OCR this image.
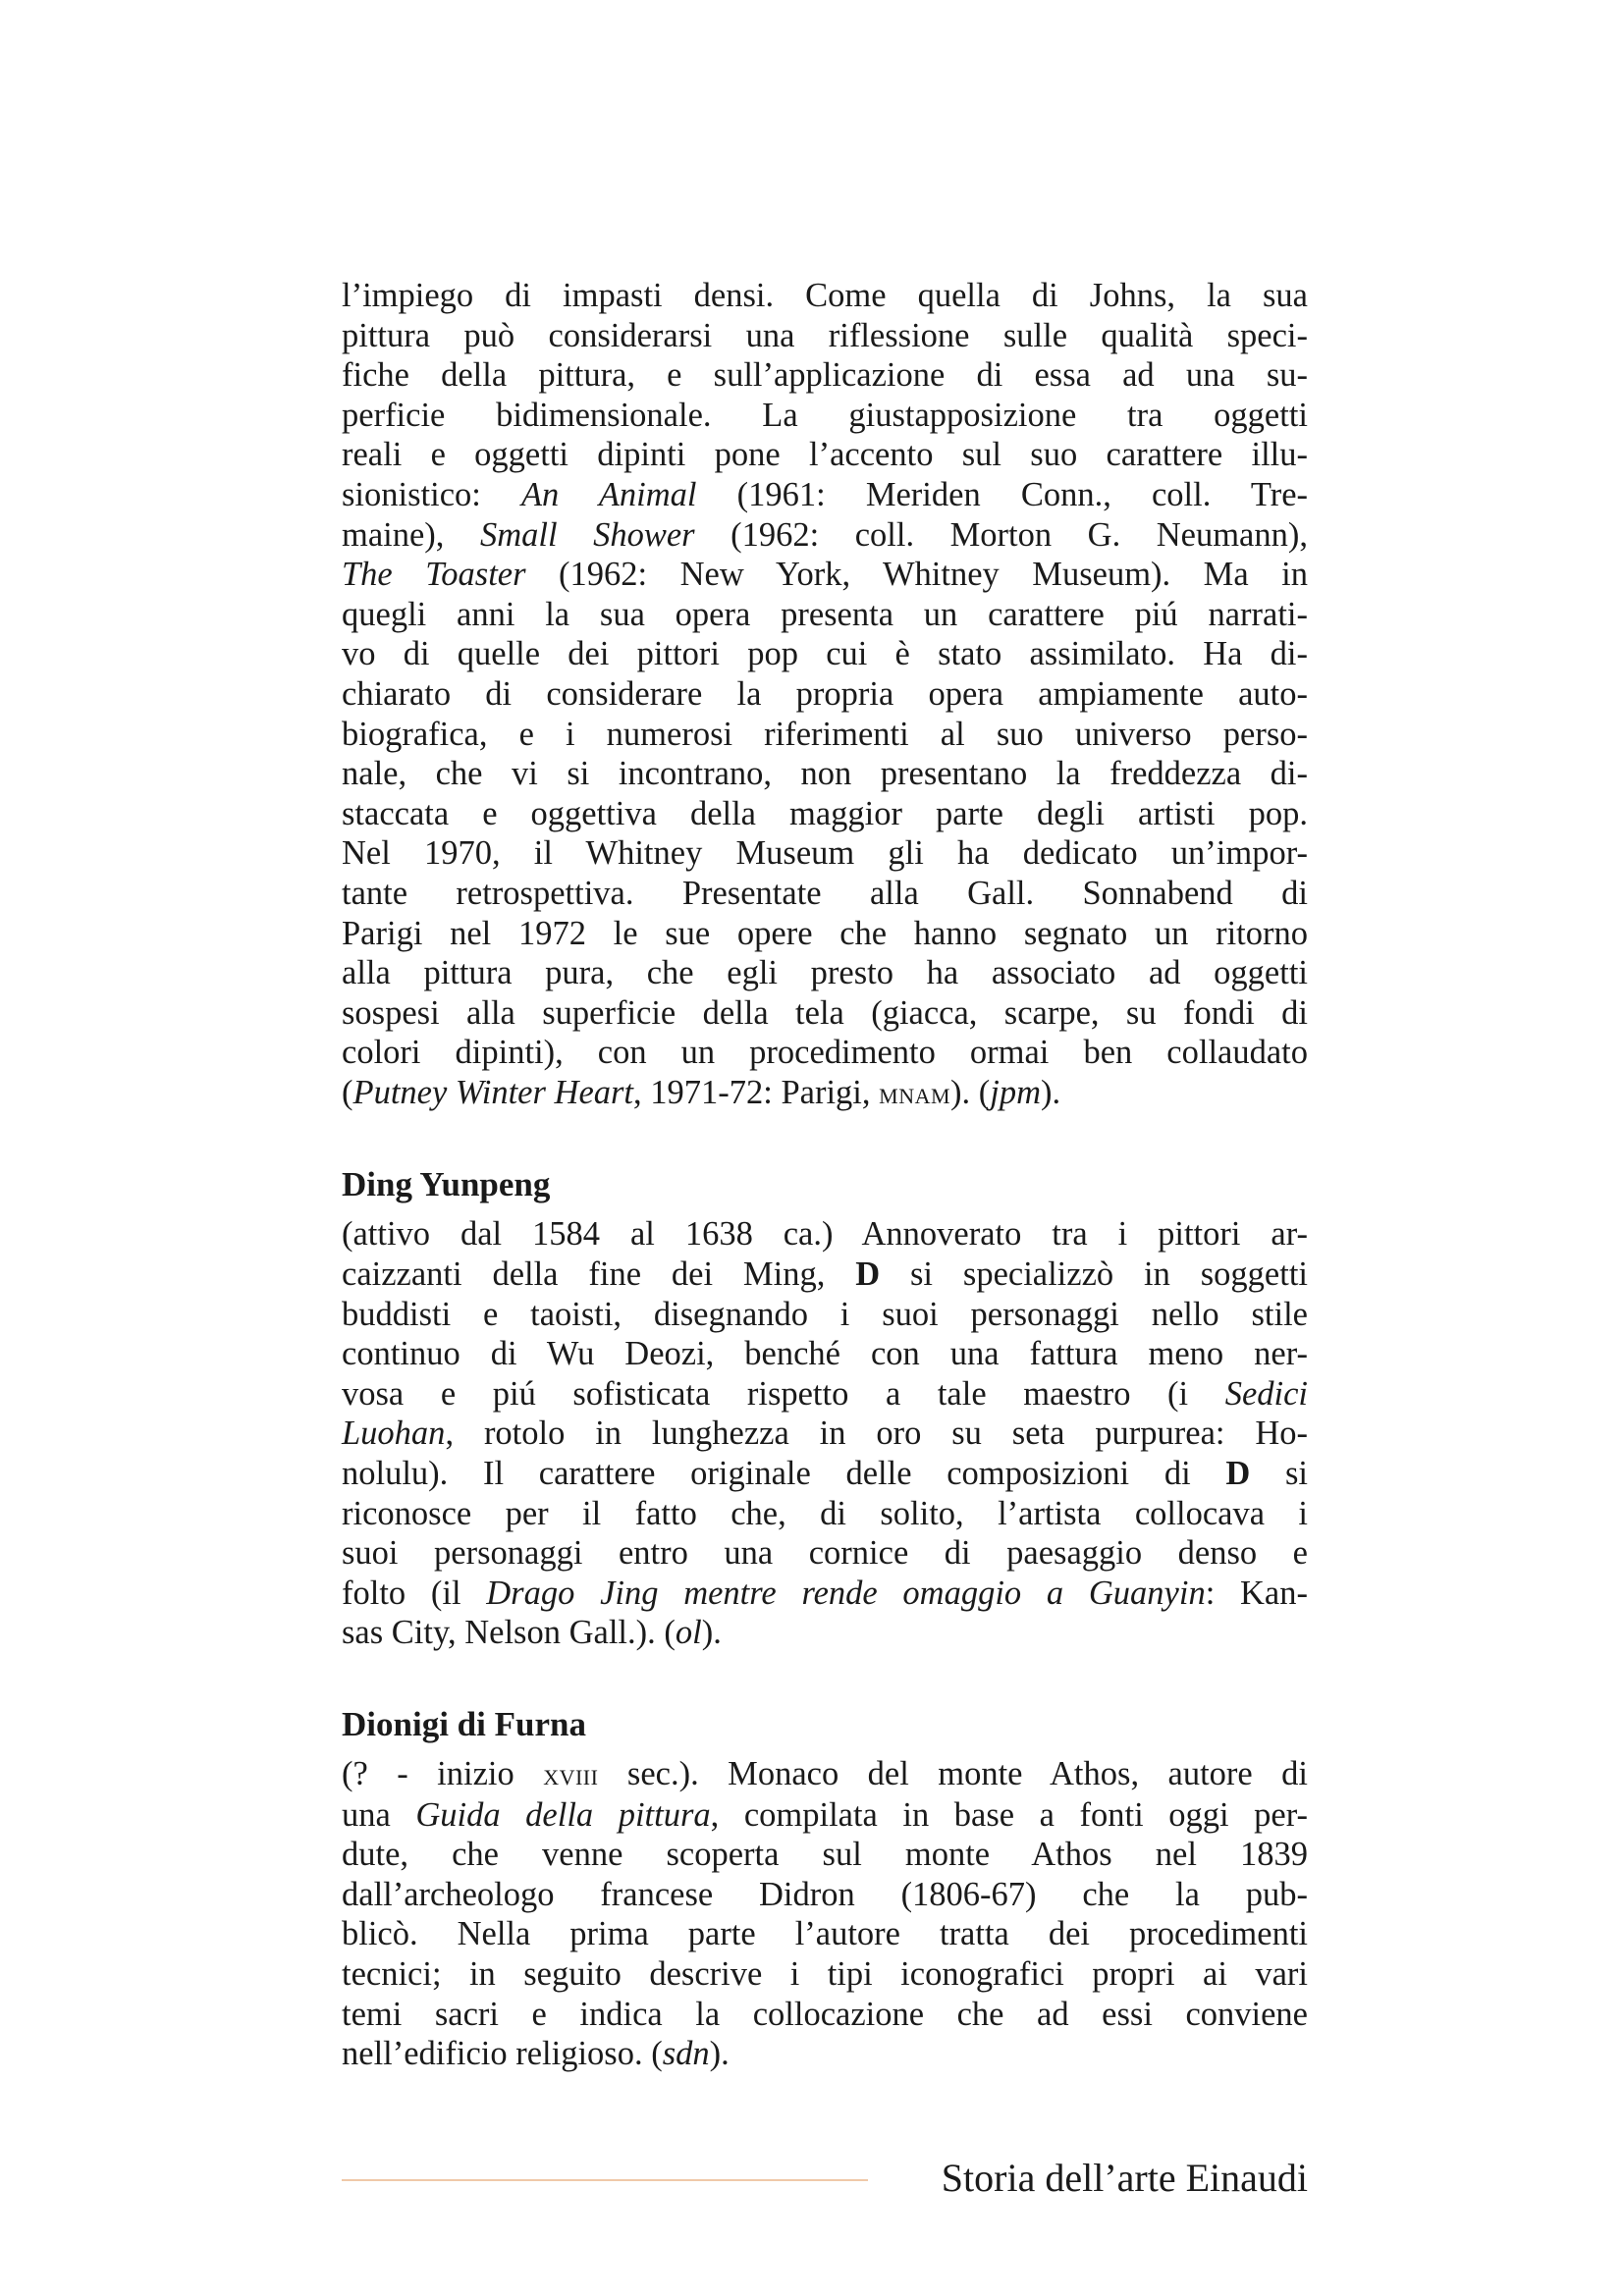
l’impiego di impasti densi. Come quella di Johns, la sua
pittura può considerarsi una riflessione sulle qualità speci-
fiche della pittura, e sull’applicazione di essa ad una su-
perficie bidimensionale. La giustapposizione tra oggetti
reali e oggetti dipinti pone l’accento sul suo carattere illu-
sionistico: An Animal (1961: Meriden Conn., coll. Tre-
maine), Small Shower (1962: coll. Morton G. Neumann),
The Toaster (1962: New York, Whitney Museum). Ma in
quegli anni la sua opera presenta un carattere piú narrati-
vo di quelle dei pittori pop cui è stato assimilato. Ha di-
chiarato di considerare la propria opera ampiamente auto-
biografica, e i numerosi riferimenti al suo universo perso-
nale, che vi si incontrano, non presentano la freddezza di-
staccata e oggettiva della maggior parte degli artisti pop.
Nel 1970, il Whitney Museum gli ha dedicato un’impor-
tante retrospettiva. Presentate alla Gall. Sonnabend di
Parigi nel 1972 le sue opere che hanno segnato un ritorno
alla pittura pura, che egli presto ha associato ad oggetti
sospesi alla superficie della tela (giacca, scarpe, su fondi di
colori dipinti), con un procedimento ormai ben collaudato
(Putney Winter Heart, 1971-72: Parigi, mnam). (jpm).

Ding Yunpeng

(attivo dal 1584 al 1638 ca.) Annoverato tra i pittori ar-
caizzanti della fine dei Ming, D si specializzò in soggetti
buddisti e taoisti, disegnando i suoi personaggi nello stile
continuo di Wu Deozi, benché con una fattura meno ner-
vosa e piú sofisticata rispetto a tale maestro (i Sedici
Luohan, rotolo in lunghezza in oro su seta purpurea: Ho-
nolulu). Il carattere originale delle composizioni di D si
riconosce per il fatto che, di solito, l’artista collocava i
suoi personaggi entro una cornice di paesaggio denso e
folto (il Drago Jing mentre rende omaggio a Guanyin: Kan-
sas City, Nelson Gall.). (ol).

Dionigi di Furna

(? - inizio xviii sec.). Monaco del monte Athos, autore di
una Guida della pittura, compilata in base a fonti oggi per-
dute, che venne scoperta sul monte Athos nel 1839
dall’archeologo francese Didron (1806-67) che la pub-
blicò. Nella prima parte l’autore tratta dei procedimenti
tecnici; in seguito descrive i tipi iconografici propri ai vari
temi sacri e indica la collocazione che ad essi conviene
nell’edificio religioso. (sdn).

Storia dell’arte Einaudi
